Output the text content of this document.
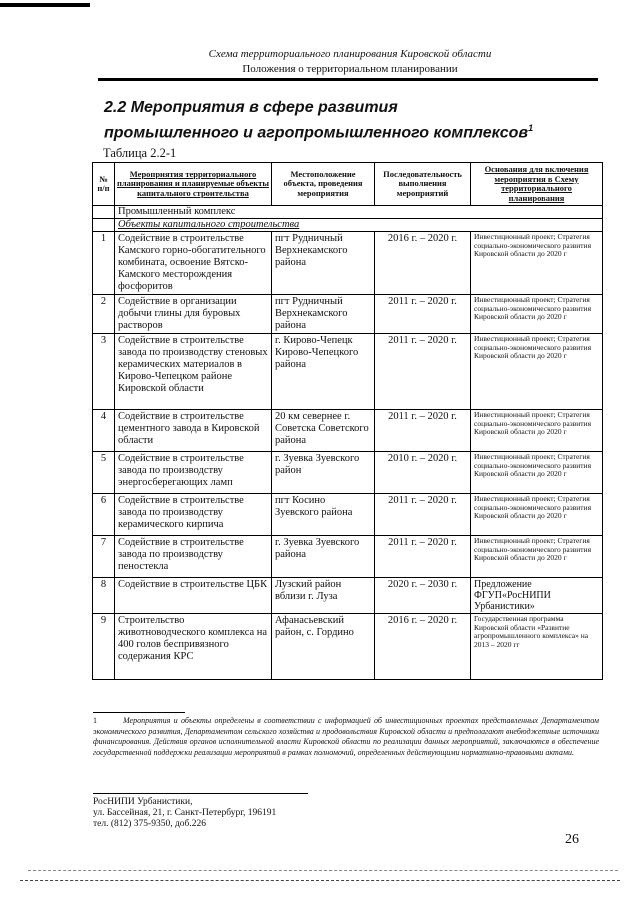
Схема территориального планирования Кировской области
Положения о территориальном планировании
2.2 Мероприятия в сфере развития промышленного и агропромышленного комплексов$^1$
Таблица 2.2-1
№ п/п	Мероприятия территориального планирования и планируемые объекты капитального строительства	Местоположение объекта, проведения мероприятия	Последовательность выполнения мероприятий	Основания для включения мероприятия в Схему территориального планирования
	Промышленный комплекс			
	Объекты капитального строительства			
1	Содействие в строительстве Камского горно-обогатительного комбината, освоение Вятско-Камского месторождения фосфоритов	пгт Рудничный Верхнекамского района	2016 г. – 2020 г.	Инвестиционный проект; Стратегия социально-экономического развития Кировской области до 2020 г
2	Содействие в организации добычи глины для буровых растворов	пгт Рудничный Верхнекамского района	2011 г. – 2020 г.	Инвестиционный проект; Стратегия социально-экономического развития Кировской области до 2020 г
3	Содействие в строительстве завода по производству стеновых керамических материалов в Кирово-Чепецком районе Кировской области	г. Кирово-Чепецк Кирово-Чепецкого района	2011 г. – 2020 г.	Инвестиционный проект; Стратегия социально-экономического развития Кировской области до 2020 г
4	Содействие в строительстве цементного завода в Кировской области	20 км севернее г. Советска Советского района	2011 г. – 2020 г.	Инвестиционный проект; Стратегия социально-экономического развития Кировской области до 2020 г
5	Содействие в строительстве завода по производству энергосберегающих ламп	г. Зуевка Зуевского район	2010 г. – 2020 г.	Инвестиционный проект; Стратегия социально-экономического развития Кировской области до 2020 г
6	Содействие в строительстве завода по производству керамического кирпича	пгт Косино Зуевского района	2011 г. – 2020 г.	Инвестиционный проект; Стратегия социально-экономического развития Кировской области до 2020 г
7	Содействие в строительстве завода по производству пеностекла	г. Зуевка Зуевского района	2011 г. – 2020 г.	Инвестиционный проект; Стратегия социально-экономического развития Кировской области до 2020 г
8	Содействие в строительстве ЦБК	Лузский район вблизи г. Луза	2020 г. – 2030 г.	Предложение ФГУП«РосНИПИ Урбанистики»
9	Строительство животноводческого комплекса на 400 голов беспривязного содержания КРС	Афанасьевский район, с. Гордино	2016 г. – 2020 г.	Государственная программа Кировской области «Развитие агропромышленного комплекса» на 2013 – 2020 гг
1	Мероприятия и объекты определены в соответствии с информацией об инвестиционных проектах представленных Департаментом экономического развития, Департаментом сельского хозяйства и продовольствия Кировской области и предполагают внебюджетные источники финансирования. Действия органов исполнительной власти Кировской области по реализации данных мероприятий, заключаются в обеспечение государственной поддержки реализации мероприятий в рамках полномочий, определенных действующими нормативно-правовыми актами.
РосНИПИ Урбанистики,
ул. Бассейная, 21, г. Санкт-Петербург, 196191
тел. (812) 375-9350, доб.226
26
